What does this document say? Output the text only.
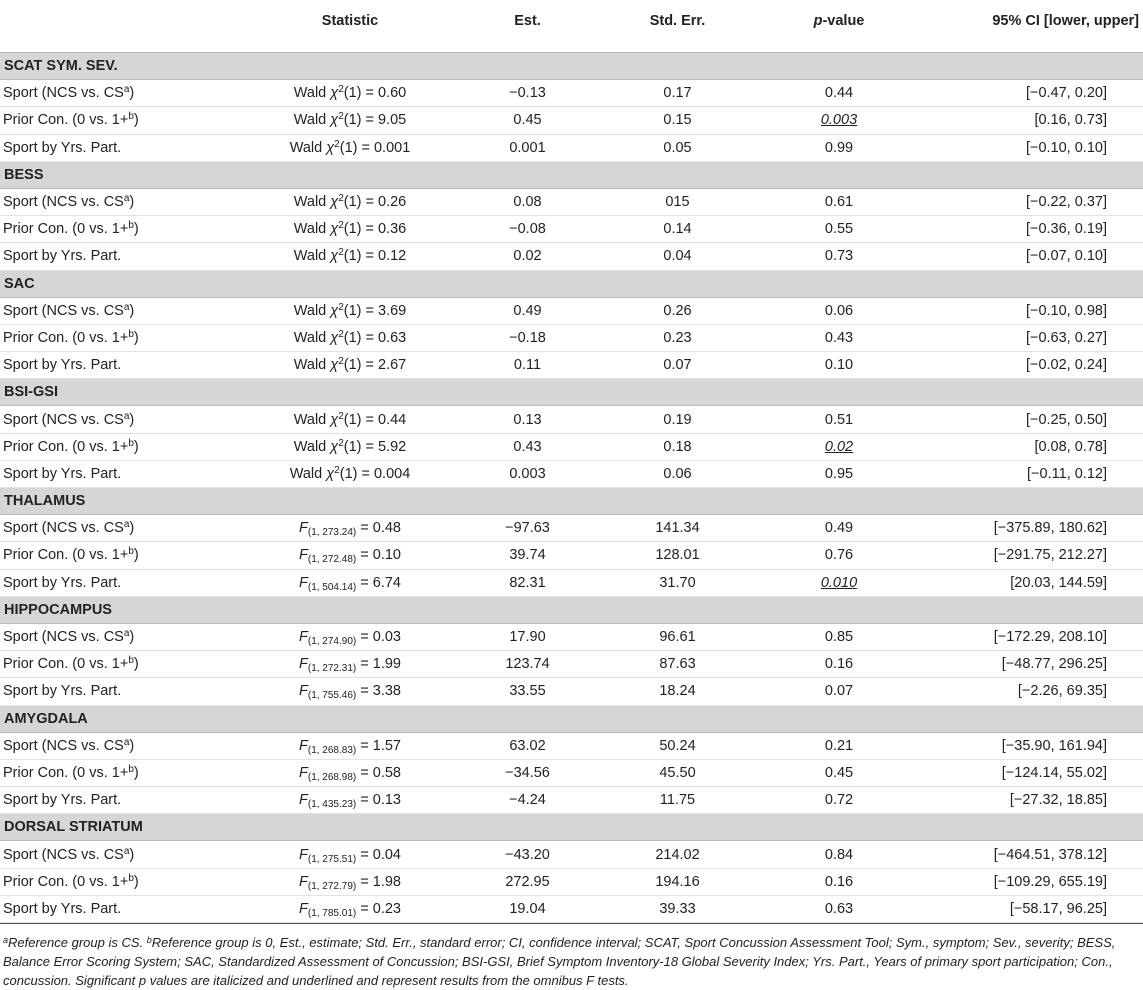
	Statistic	Est.	Std. Err.	p-value	95% CI [lower, upper]
SCAT SYM. SEV.					
Sport (NCS vs. $CS^a$)	Wald $\chi^2(1) = 0.60$	−0.13	0.17	0.44	[−0.47, 0.20]
Prior Con. (0 vs. 1+$^b$)	Wald $\chi^2(1) = 9.05$	0.45	0.15	0.003	[0.16, 0.73]
Sport by Yrs. Part.	Wald $\chi^2(1) = 0.001$	0.001	0.05	0.99	[−0.10, 0.10]
BESS					
Sport (NCS vs. $CS^a$)	Wald $\chi^2(1) = 0.26$	0.08	015	0.61	[−0.22, 0.37]
Prior Con. (0 vs. 1+$^b$)	Wald $\chi^2(1) = 0.36$	−0.08	0.14	0.55	[−0.36, 0.19]
Sport by Yrs. Part.	Wald $\chi^2(1) = 0.12$	0.02	0.04	0.73	[−0.07, 0.10]
SAC					
Sport (NCS vs. $CS^a$)	Wald $\chi^2(1) = 3.69$	0.49	0.26	0.06	[−0.10, 0.98]
Prior Con. (0 vs. 1+$^b$)	Wald $\chi^2(1) = 0.63$	−0.18	0.23	0.43	[−0.63, 0.27]
Sport by Yrs. Part.	Wald $\chi^2(1) = 2.67$	0.11	0.07	0.10	[−0.02, 0.24]
BSI-GSI					
Sport (NCS vs. $CS^a$)	Wald $\chi^2(1) = 0.44$	0.13	0.19	0.51	[−0.25, 0.50]
Prior Con. (0 vs. 1+$^b$)	Wald $\chi^2(1) = 5.92$	0.43	0.18	0.02	[0.08, 0.78]
Sport by Yrs. Part.	Wald $\chi^2(1) = 0.004$	0.003	0.06	0.95	[−0.11, 0.12]
THALAMUS					
Sport (NCS vs. $CS^a$)	$F_{(1, 273.24)} = 0.48$	−97.63	141.34	0.49	[−375.89, 180.62]
Prior Con. (0 vs. 1+$^b$)	$F_{(1, 272.48)} = 0.10$	39.74	128.01	0.76	[−291.75, 212.27]
Sport by Yrs. Part.	$F_{(1, 504.14)} = 6.74$	82.31	31.70	0.010	[20.03, 144.59]
HIPPOCAMPUS					
Sport (NCS vs. $CS^a$)	$F_{(1, 274.90)} = 0.03$	17.90	96.61	0.85	[−172.29, 208.10]
Prior Con. (0 vs. 1+$^b$)	$F_{(1, 272.31)} = 1.99$	123.74	87.63	0.16	[−48.77, 296.25]
Sport by Yrs. Part.	$F_{(1, 755.46)} = 3.38$	33.55	18.24	0.07	[−2.26, 69.35]
AMYGDALA					
Sport (NCS vs. $CS^a$)	$F_{(1, 268.83)} = 1.57$	63.02	50.24	0.21	[−35.90, 161.94]
Prior Con. (0 vs. 1+$^b$)	$F_{(1, 268.98)} = 0.58$	−34.56	45.50	0.45	[−124.14, 55.02]
Sport by Yrs. Part.	$F_{(1, 435.23)} = 0.13$	−4.24	11.75	0.72	[−27.32, 18.85]
DORSAL STRIATUM					
Sport (NCS vs. $CS^a$)	$F_{(1, 275.51)} = 0.04$	−43.20	214.02	0.84	[−464.51, 378.12]
Prior Con. (0 vs. 1+$^b$)	$F_{(1, 272.79)} = 1.98$	272.95	194.16	0.16	[−109.29, 655.19]
Sport by Yrs. Part.	$F_{(1, 785.01)} = 0.23$	19.04	39.33	0.63	[−58.17, 96.25]
$^a$Reference group is CS. $^b$Reference group is 0, Est., estimate; Std. Err., standard error; CI, confidence interval; SCAT, Sport Concussion Assessment Tool; Sym., symptom; Sev., severity; BESS, Balance Error Scoring System; SAC, Standardized Assessment of Concussion; BSI-GSI, Brief Symptom Inventory-18 Global Severity Index; Yrs. Part., Years of primary sport participation; Con., concussion. Significant p values are italicized and underlined and represent results from the omnibus F tests.
